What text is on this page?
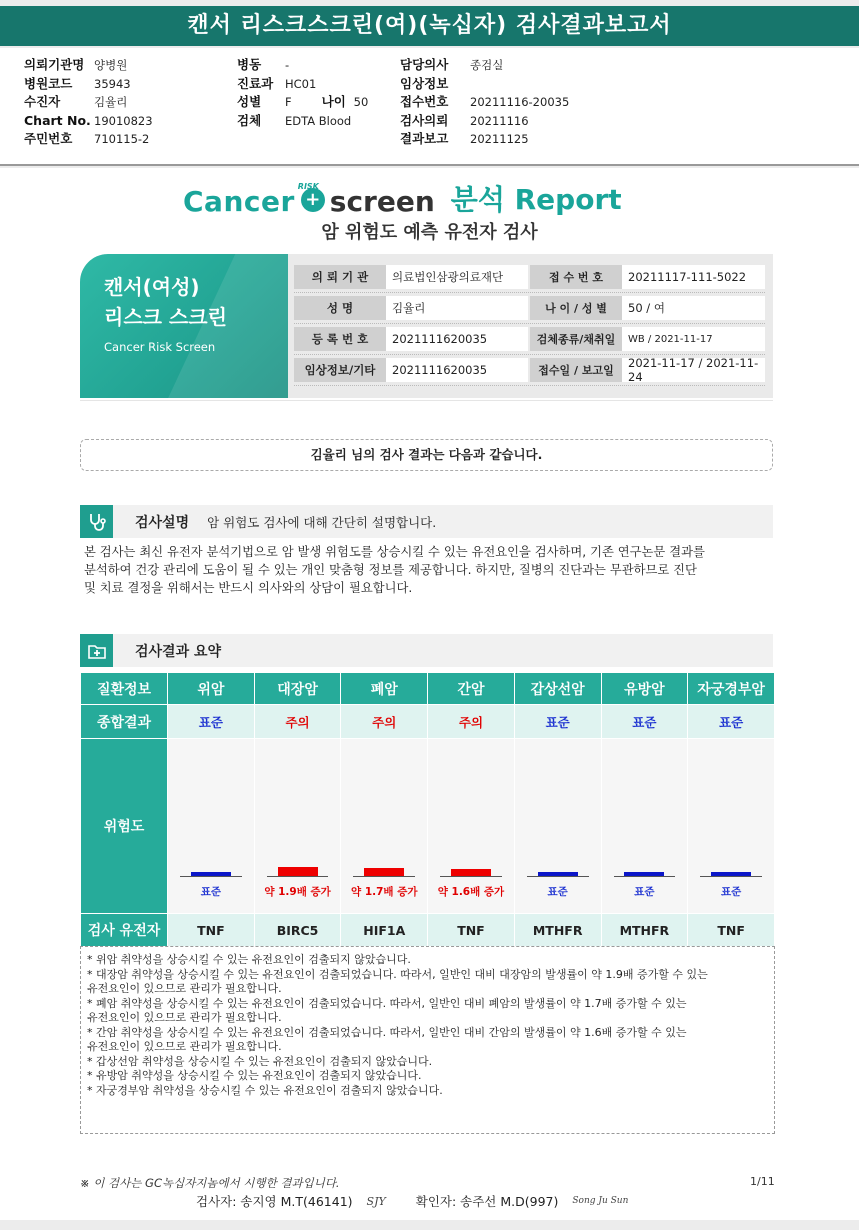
캔서 리스크스크린(여)(녹십자) 검사결과보고서
의뢰기관명 양병원
병원코드 35943
수진자	김율리
Chart No. 19010823
주민번호 710115-2
병동 -
진료과 HC01
성별 F 나이 50
검체 EDTA Blood
담당의사 종검실
임상정보
접수번호 20211116-20035
검사의뢰 20211116
결과보고 20211125
Cancer +
RISK screen 분석 Report
암 위험도 예측 유전자 검사
캔서(여성)
리스크 스크린
Cancer Risk Screen
의 뢰 기 관	의료법인삼광의료재단	접 수 번 호	20211117-111-5022
성 명	김율리	나 이 / 성 별	50 / 여
등 록 번 호	2021111620035	검체종류/채취일	WB / 2021-11-17
임상정보/기타	2021111620035	접수일 / 보고일
2021-11-17 / 2021-11-24
김율리 님의 검사 결과는 다음과 같습니다.
검사설명 암 위험도 검사에 대해 간단히 설명합니다.
본 검사는 최신 유전자 분석기법으로 암 발생 위험도를 상승시킬 수 있는 유전요인을 검사하며, 기존 연구논문 결과를
분석하여 건강 관리에 도움이 될 수 있는 개인 맞춤형 정보를 제공합니다. 하지만, 질병의 진단과는 무관하므로 진단
및 치료 결정을 위해서는 반드시 의사와의 상담이 필요합니다.
검사결과 요약
질환정보	위암	대장암	폐암	간암	갑상선암	유방암	자궁경부암
종합결과	표준	주의	주의	주의	표준	표준	표준
위험도	표준	약 1.9배 증가	약 1.7배 증가	약 1.6배 증가	표준	표준	표준

검사 유전자	TNF	BIRC5	HIF1A	TNF	MTHFR	MTHFR	TNF
* 위암 취약성을 상승시킬 수 있는 유전요인이 검출되지 않았습니다.
* 대장암 취약성을 상승시킬 수 있는 유전요인이 검출되었습니다. 따라서, 일반인 대비 대장암의 발생률이 약 1.9배 증가할 수 있는
유전요인이 있으므로 관리가 필요합니다.
* 폐암 취약성을 상승시킬 수 있는 유전요인이 검출되었습니다. 따라서, 일반인 대비 폐암의 발생률이 약 1.7배 증가할 수 있는
유전요인이 있으므로 관리가 필요합니다.
* 간암 취약성을 상승시킬 수 있는 유전요인이 검출되었습니다. 따라서, 일반인 대비 간암의 발생률이 약 1.6배 증가할 수 있는
유전요인이 있으므로 관리가 필요합니다.
* 갑상선암 취약성을 상승시킬 수 있는 유전요인이 검출되지 않았습니다.
* 유방암 취약성을 상승시킬 수 있는 유전요인이 검출되지 않았습니다.
* 자궁경부암 취약성을 상승시킬 수 있는 유전요인이 검출되지 않았습니다.
※ 이 검사는 GC녹십자지놈에서 시행한 결과입니다.	1/11
검사자: 송지영 M.T(46141) SJY 확인자: 송주선 M.D(997) Song Ju Sun
